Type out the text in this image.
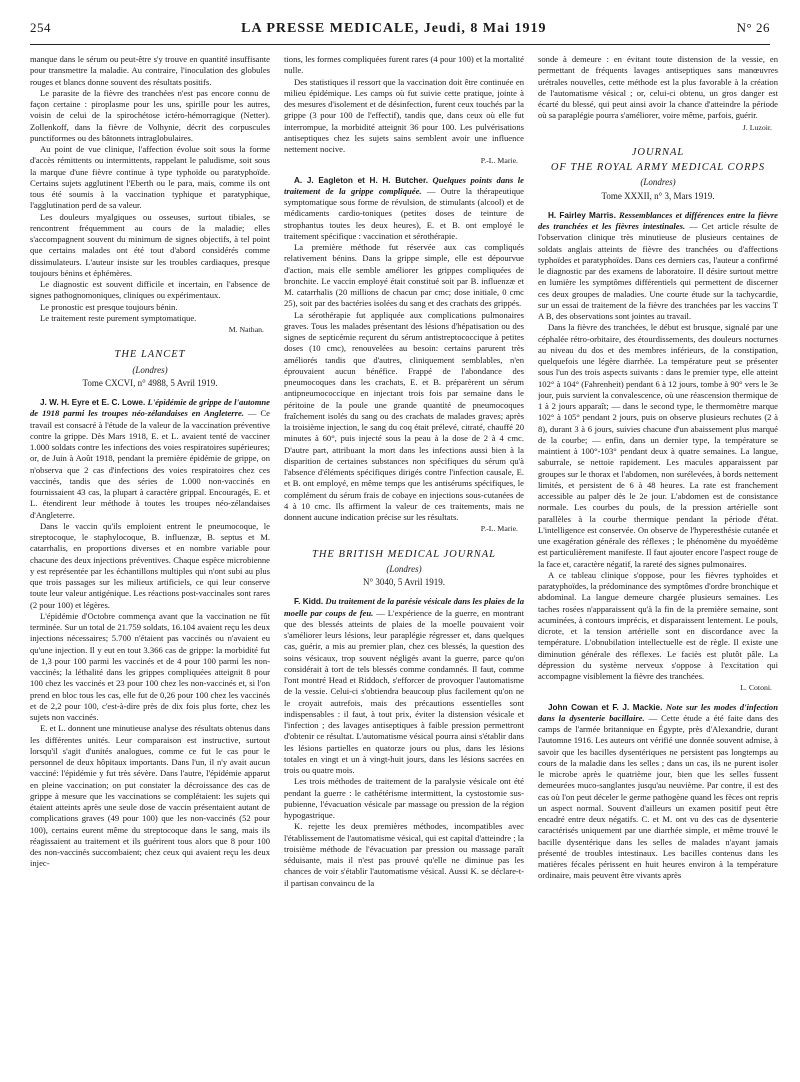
254	LA PRESSE MEDICALE, Jeudi, 8 Mai 1919	N° 26

manque dans le sérum ou peut-être s'y trouve en quantité insuffisante pour transmettre la maladie. Au contraire, l'inoculation des globules rouges et blancs donne souvent des résultats positifs.

Le parasite de la fièvre des tranchées n'est pas encore connu de façon certaine : piroplasme pour les uns, spirille pour les autres, voisin de celui de la spirochétose ictéro-hémorragique (Netter). Zollenkoff, dans la fièvre de Volhynie, décrit des corpuscules punctiformes ou des bâtonnets intraglobulaires.

Au point de vue clinique, l'affection évolue soit sous la forme d'accès rémittents ou intermittents, rappelant le paludisme, soit sous la marque d'une fièvre continue à type typhoïde ou paratyphoïde. Certains sujets agglutinent l'Eberth ou le para, mais, comme ils ont tous été soumis à la vaccination typhique et paratyphique, l'agglutination perd de sa valeur.

Les douleurs myalgiques ou osseuses, surtout tibiales, se rencontrent fréquemment au cours de la maladie; elles s'accompagnent souvent du minimum de signes objectifs, à tel point que certains malades ont été tout d'abord considérés comme dissimulateurs. L'auteur insiste sur les troubles cardiaques, presque toujours bénins et éphémères.

Le diagnostic est souvent difficile et incertain, en l'absence de signes pathognomoniques, cliniques ou expérimentaux.

Le pronostic est presque toujours bénin.

Le traitement reste purement symptomatique.

M. Nathan.

THE LANCET
(Londres)
Tome CXCVI, n° 4988, 5 Avril 1919.

J. W. H. Eyre et E. C. Lowe. L'épidémie de grippe de l'automne de 1918 parmi les troupes néo-zélandaises en Angleterre. — Ce travail est consacré à l'étude de la valeur de la vaccination préventive contre la grippe. Dès Mars 1918, E. et L. avaient tenté de vacciner 1.000 soldats contre les infections des voies respiratoires supérieures; or, de Juin à Août 1918, pendant la première épidémie de grippe, on n'observa que 2 cas d'infections des voies respiratoires chez ces vaccinés, tandis que des séries de 1.000 non-vaccinés en fournissaient 43 cas, la plupart à caractère grippal. Encouragés, E. et L. étendirent leur méthode à toutes les troupes néo-zélandaises d'Angleterre.

Dans le vaccin qu'ils emploient entrent le pneumocoque, le streptocoque, le staphylocoque, B. influenzæ, B. septus et M. catarrhalis, en proportions diverses et en nombre variable pour chacune des deux injections préventives. Chaque espèce microbienne y est représentée par les échantillons multiples qui n'ont subi au plus que trois passages sur les milieux artificiels, ce qui leur conserve toute leur valeur antigénique. Les réactions post-vaccinales sont rares (2 pour 100) et légères.

L'épidémie d'Octobre commença avant que la vaccination ne fût terminée. Sur un total de 21.759 soldats, 16.104 avaient reçu les deux injections nécessaires; 5.700 n'étaient pas vaccinés ou n'avaient eu qu'une injection. Il y eut en tout 3.366 cas de grippe: la morbidité fut de 1,3 pour 100 parmi les vaccinés et de 4 pour 100 parmi les non-vaccinés; la léthalité dans les grippes compliquées atteignit 8 pour 100 chez les vaccinés et 23 pour 100 chez les non-vaccinés et, si l'on prend en bloc tous les cas, elle fut de 0,26 pour 100 chez les vaccinés et de 2,2 pour 100, c'est-à-dire près de dix fois plus forte, chez les sujets non vaccinés.

E. et L. donnent une minutieuse analyse des résultats obtenus dans les différentes unités. Leur comparaison est instructive, surtout lorsqu'il s'agit d'unités analogues, comme ce fut le cas pour le personnel de deux hôpitaux importants. Dans l'un, il n'y avait aucun vacciné: l'épidémie y fut très sévère. Dans l'autre, l'épidémie apparut en pleine vaccination; on put constater la décroissance des cas de grippe à mesure que les vaccinations se complétaient: les sujets qui étaient atteints après une seule dose de vaccin présentaient autant de complications graves (49 pour 100) que les non-vaccinés (52 pour 100), certains eurent même du streptocoque dans le sang, mais ils réagissaient au traitement et ils guérirent tous alors que 8 pour 100 des non-vaccinés succombaient; chez ceux qui avaient reçu les deux injec-

tions, les formes compliquées furent rares (4 pour 100) et la mortalité nulle.

Des statistiques il ressort que la vaccination doit être continuée en milieu épidémique. Les camps où fut suivie cette pratique, jointe à des mesures d'isolement et de désinfection, furent ceux touchés par la grippe (3 pour 100 de l'effectif), tandis que, dans ceux où elle fut interrompue, la morbidité atteignit 36 pour 100. Les pulvérisations antiseptiques chez les sujets sains semblent avoir une influence nettement nocive.

P.-L. Marie.

A. J. Eagleton et H. H. Butcher. Quelques points dans le traitement de la grippe compliquée. — Outre la thérapeutique symptomatique sous forme de révulsion, de stimulants (alcool) et de médicaments cardio-toniques (petites doses de teinture de strophantus toutes les deux heures), E. et B. ont employé le traitement spécifique : vaccination et sérothérapie.

La première méthode fut réservée aux cas compliqués relativement bénins. Dans la grippe simple, elle est dépourvue d'action, mais elle semble améliorer les grippes compliquées de bronchite. Le vaccin employé était constitué soit par B. influenzæ et M. catarrhalis (20 millions de chacun par cmc; dose initiale, 0 cmc 25), soit par des bactéries isolées du sang et des crachats des grippés.

La sérothérapie fut appliquée aux complications pulmonaires graves. Tous les malades présentant des lésions d'hépatisation ou des signes de septicémie reçurent du sérum antistreptococcique à petites doses (10 cmc), renouvelées au besoin: certains parurent très améliorés tandis que d'autres, cliniquement semblables, n'en éprouvaient aucun bénéfice. Frappé de l'abondance des pneumocoques dans les crachats, E. et B. préparèrent un sérum antipneumococcique en injectant trois fois par semaine dans le péritoine de la poule une grande quantité de pneumocoques fraîchement isolés du sang ou des crachats de malades graves; après la troisième injection, le sang du coq était prélevé, citraté, chauffé 20 minutes à 60°, puis injecté sous la peau à la dose de 2 à 4 cmc. D'autre part, attribuant la mort dans les infections aussi bien à la disparition de certaines substances non spécifiques du sérum qu'à l'absence d'éléments spécifiques dirigés contre l'infection causale, E. et B. ont employé, en même temps que les antisérums spécifiques, le complément du sérum frais de cobaye en injections sous-cutanées de 4 à 10 cmc. Ils affirment la valeur de ces traitements, mais ne donnent aucune indication précise sur les résultats.

P.-L. Marie.

THE BRITISH MEDICAL JOURNAL
(Londres)
N° 3040, 5 Avril 1919.

F. Kidd. Du traitement de la parésie vésicale dans les plaies de la moelle par coups de feu. — L'expérience de la guerre, en montrant que des blessés atteints de plaies de la moelle pouvaient voir s'améliorer leurs lésions, leur paraplégie régresser et, dans quelques cas, guérir, a mis au premier plan, chez ces blessés, la question des soins vésicaux, trop souvent négligés avant la guerre, parce qu'on considérait à tort de tels blessés comme condamnés. Il faut, comme l'ont montré Head et Riddoch, s'efforcer de provoquer l'automatisme de la vessie. Celui-ci s'obtiendra beaucoup plus facilement qu'on ne le croyait autrefois, mais des précautions essentielles sont indispensables : il faut, à tout prix, éviter la distension vésicale et l'infection ; des lavages antiseptiques à faible pression permettront d'obtenir ce résultat. L'automatisme vésical pourra ainsi s'établir dans les lésions partielles en quatorze jours ou plus, dans les lésions totales en vingt et un à vingt-huit jours, dans les lésions sacrées en trois ou quatre mois.

Les trois méthodes de traitement de la paralysie vésicale ont été pendant la guerre : le cathétérisme intermittent, la cystostomie sus-pubienne, l'évacuation vésicale par massage ou pression de la région hypogastrique.

K. rejette les deux premières méthodes, incompatibles avec l'établissement de l'automatisme vésical, qui est capital d'atteindre ; la troisième méthode de l'évacuation par pression ou massage paraît séduisante, mais il n'est pas prouvé qu'elle ne diminue pas les chances de voir s'établir l'automatisme vésical. Aussi K. se déclare-t-il partisan convaincu de la

sonde à demeure : en évitant toute distension de la vessie, en permettant de fréquents lavages antiseptiques sans manœuvres urétrales nouvelles, cette méthode est la plus favorable à la création de l'automatisme vésical ; or, celui-ci obtenu, un gros danger est écarté du blessé, qui peut ainsi avoir la chance d'atteindre la période où sa paraplégie pourra s'améliorer, voire même, parfois, guérir.

J. Luzoir.

JOURNAL
OF THE ROYAL ARMY MEDICAL CORPS
(Londres)
Tome XXXII, n° 3, Mars 1919.

H. Fairley Marris. Ressemblances et différences entre la fièvre des tranchées et les fièvres intestinales. — Cet article résulte de l'observation clinique très minutieuse de plusieurs centaines de soldats anglais atteints de fièvre des tranchées ou d'affections typhoïdes et paratyphoïdes. Dans ces derniers cas, l'auteur a confirmé le diagnostic par des examens de laboratoire. Il désire surtout mettre en lumière les symptômes différentiels qui permettent de discerner ces deux groupes de maladies. Une courte étude sur la tachycardie, sur un essai de traitement de la fièvre des tranchées par les vaccins T A B, des observations sont jointes au travail.

Dans la fièvre des tranchées, le début est brusque, signalé par une céphalée rétro-orbitaire, des étourdissements, des douleurs nocturnes au niveau du dos et des membres inférieurs, de la constipation, quelquefois une légère diarrhée. La température peut se présenter sous l'un des trois aspects suivants : dans le premier type, elle atteint 102° à 104° (Fahrenheit) pendant 6 à 12 jours, tombe à 90° vers le 3e jour, puis survient la convalescence, où une réascension thermique de 1 à 2 jours apparaît; — dans le second type, le thermomètre marque 102° à 105° pendant 2 jours, puis on observe plusieurs rechutes (2 à 8), durant 3 à 6 jours, suivies chacune d'un abaissement plus marqué de la courbe; — enfin, dans un dernier type, la température se maintient à 100°-103° pendant deux à quatre semaines. La langue, saburrale, se nettoie rapidement. Les macules apparaissent par groupes sur le thorax et l'abdomen, non surélevées, à bords nettement limités, et persistent de 6 à 48 heures. La rate est franchement accessible au palper dès le 2e jour. L'abdomen est de consistance normale. Les courbes du pouls, de la pression artérielle sont parallèles à la courbe thermique pendant la période d'état. L'intelligence est conservée. On observe de l'hyperesthésie cutanée et une exagération générale des réflexes ; le phénomène du myoédème est particulièrement manifeste. Il faut ajouter encore l'aspect rouge de la face et, caractère négatif, la rareté des signes pulmonaires.

A ce tableau clinique s'oppose, pour les fièvres typhoïdes et paratyphoïdes, la prédominance des symptômes d'ordre bronchique et abdominal. La langue demeure chargée plusieurs semaines. Les taches rosées n'apparaissent qu'à la fin de la première semaine, sont acuminées, à contours imprécis, et disparaissent lentement. Le pouls, dicrote, et la tension artérielle sont en discordance avec la température. L'obnubilation intellectuelle est de règle. Il existe une diminution générale des réflexes. Le faciès est plutôt pâle. La dépression du système nerveux s'oppose à l'excitation qui accompagne visiblement la fièvre des tranchées.

L. Cotoni.

John Cowan et F. J. Mackie. Note sur les modes d'infection dans la dysenterie bacillaire. — Cette étude a été faite dans des camps de l'armée britannique en Égypte, près d'Alexandrie, durant l'automne 1916. Les auteurs ont vérifié une donnée souvent admise, à savoir que les bacilles dysentériques ne persistent pas longtemps au cours de la maladie dans les selles ; dans un cas, ils ne purent isoler le microbe après le quatrième jour, bien que les selles fussent demeurées muco-sanglantes jusqu'au neuvième. Par contre, il est des cas où l'on peut déceler le germe pathogène quand les fèces ont repris un aspect normal. Souvent d'ailleurs un examen positif peut être encadré entre deux négatifs. C. et M. ont vu des cas de dysenterie caractérisés uniquement par une diarrhée simple, et même trouvé le bacille dysentérique dans les selles de malades n'ayant jamais présenté de troubles intestinaux. Les bacilles contenus dans les matières fécales périssent en huit heures environ à la température ordinaire, mais peuvent être vivants après
